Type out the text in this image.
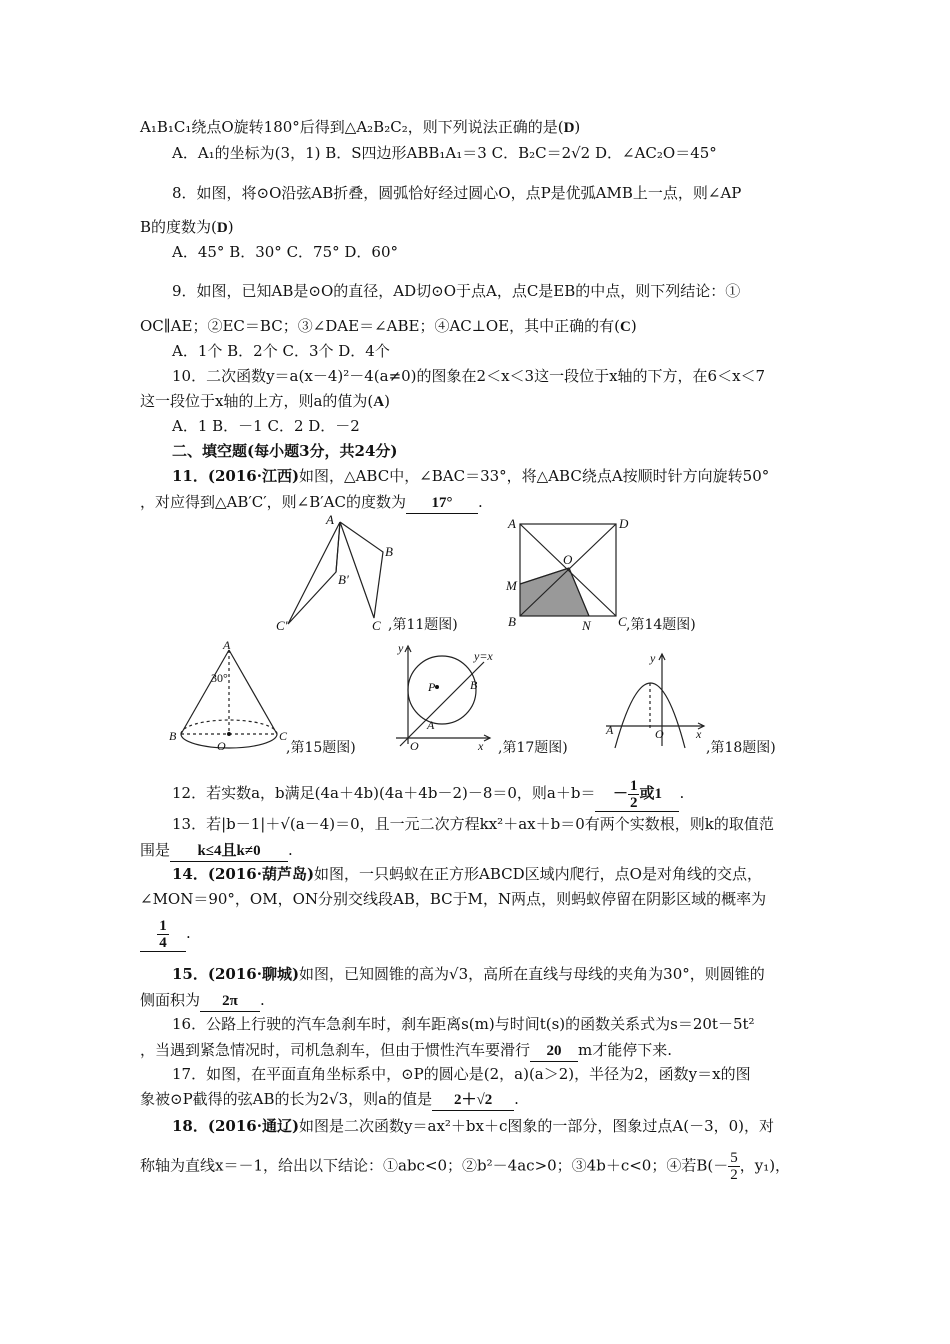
A₁B₁C₁绕点O旋转180°后得到△A₂B₂C₂，则下列说法正确的是(D)
A．A₁的坐标为(3，1) B．S四边形ABB₁A₁＝3 C．B₂C＝2√2 D．∠AC₂O＝45°
8．如图，将⊙O沿弦AB折叠，圆弧恰好经过圆心O，点P是优弧AMB上一点，则∠AP
B的度数为(D)
A．45° B．30° C．75° D．60°
9．如图，已知AB是⊙O的直径，AD切⊙O于点A，点C是EB的中点，则下列结论：①
OC∥AE；②EC＝BC；③∠DAE＝∠ABE；④AC⊥OE，其中正确的有(C)
A．1个 B．2个 C．3个 D．4个
10．二次函数y＝a(x－4)²－4(a≠0)的图象在2＜x＜3这一段位于x轴的下方，在6＜x＜7
这一段位于x轴的上方，则a的值为(A)
A．1 B．－1 C．2 D．－2
二、填空题(每小题3分，共24分)
11．(2016·江西)如图，△ABC中，∠BAC＝33°，将△ABC绕点A按顺时针方向旋转50°
，对应得到△AB′C′，则∠B′AC的度数为 17° .
A
B
B′
C′	C ,第11题图)
A	D
O
M
B	N C ,第14题图)
A
30°
B
O
C
,第15题图)
y
y=x
P	B
A
O	x ,第17题图)
y
A	O	x
,第18题图)
12．若实数a，b满足(4a＋4b)(4a＋4b－2)－8＝0，则$a+b= - \frac{1}{2}$ 或1 .
13．若|b－1|＋√(a－4)＝0，且一元二次方程kx²＋ax＋b＝0有两个实数根，则k的取值范
围是 k≤4且k≠0 .
14．(2016·葫芦岛)如图，一只蚂蚁在正方形ABCD区域内爬行，点O是对角线的交点，
∠MON＝90°，OM，ON分别交线段AB，BC于M，N两点，则蚂蚁停留在阴影区域的概率为
$\frac{1}{4}$ .
15．(2016·聊城)如图，已知圆锥的高为√3，高所在直线与母线的夹角为30°，则圆锥的
侧面积为 2π .
16．公路上行驶的汽车急刹车时，刹车距离s(m)与时间t(s)的函数关系式为s＝20t－5t²
，当遇到紧急情况时，司机急刹车，但由于惯性汽车要滑行 20 m才能停下来.
17．如图，在平面直角坐标系中，⊙P的圆心是(2，a)(a＞2)，半径为2，函数y＝x的图
象被⊙P截得的弦AB的长为2√3，则a的值是 2＋√2 .
18．(2016·通辽)如图是二次函数y＝ax²＋bx＋c图象的一部分，图象过点A(－3，0)，对
称轴为直线x＝－1，给出以下结论：①abc<0；②b²－4ac>0；③4b＋c<0；④若$B(- \frac{5}{2}$ ，y₁)，
